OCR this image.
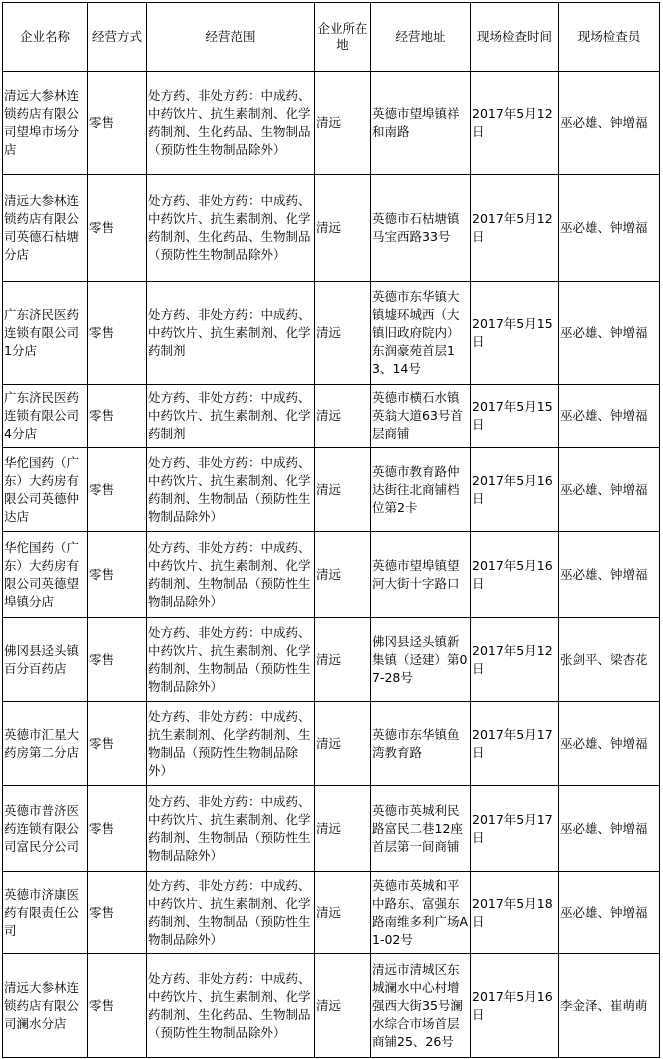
企业名称	经营方式	经营范围	企业所在地	经营地址	现场检查时间	现场检查员
清远大参林连锁药店有限公司望埠市场分店	零售	处方药、非处方药：中成药、中药饮片、抗生素制剂、化学药制剂、生化药品、生物制品（预防性生物制品除外）	清远	英德市望埠镇祥和南路	2017年5月12日	巫必雄、钟增福
清远大参林连锁药店有限公司英德石枯塘分店	零售	处方药、非处方药：中成药、中药饮片、抗生素制剂、化学药制剂、生化药品、生物制品（预防性生物制品除外）	清远	英德市石枯塘镇马宝西路33号	2017年5月12日	巫必雄、钟增福
广东济民医药连锁有限公司1分店	零售	处方药、非处方药：中成药、中药饮片、抗生素制剂、化学药制剂	清远	英德市东华镇大镇墟环城西（大镇旧政府院内）东润豪苑首层13、14号	2017年5月15日	巫必雄、钟增福
广东济民医药连锁有限公司4分店	零售	处方药、非处方药：中成药、中药饮片、抗生素制剂、化学药制剂	清远	英德市横石水镇英翁大道63号首层商铺	2017年5月15日	巫必雄、钟增福
华佗国药（广东）大药房有限公司英德仲达店	零售	处方药、非处方药：中成药、中药饮片、抗生素制剂、化学药制剂、生物制品（预防性生物制品除外）	清远	英德市教育路仲达街往北商铺档位第2卡	2017年5月16日	巫必雄、钟增福
华佗国药（广东）大药房有限公司英德望埠镇分店	零售	处方药、非处方药：中成药、中药饮片、抗生素制剂、化学药制剂、生物制品（预防性生物制品除外）	清远	英德市望埠镇望河大街十字路口	2017年5月16日	巫必雄、钟增福
佛冈县迳头镇百分百药店	零售	处方药、非处方药：中成药、中药饮片、抗生素制剂、化学药制剂、生物制品（预防性生物制品除外）	清远	佛冈县迳头镇新集镇（迳建）第07-28号	2017年5月12日	张剑平、梁杏花
英德市汇星大药房第二分店	零售	处方药、非处方药：中成药、抗生素制剂、化学药制剂、生物制品（预防性生物制品除外）	清远	英德市东华镇鱼湾教育路	2017年5月17日	巫必雄、钟增福
英德市普济医药连锁有限公司富民分公司	零售	处方药、非处方药：中成药、中药饮片、抗生素制剂、化学药制剂、生物制品（预防性生物制品除外）	清远	英德市英城利民路富民二巷12座首层第一间商铺	2017年5月17日	巫必雄、钟增福
英德市济康医药有限责任公司	零售	处方药、非处方药：中成药、中药饮片、抗生素制剂、化学药制剂、生物制品（预防性生物制品除外）	清远	英德市英城和平中路东、富强东路南维多利广场A1-02号	2017年5月18日	巫必雄、钟增福
清远大参林连锁药店有限公司澜水分店	零售	处方药、非处方药：中成药、中药饮片、抗生素制剂、化学药制剂、生化药品、生物制品（预防性生物制品除外）	清远	清远市清城区东城澜水中心村增强西大街35号澜水综合市场首层商铺25、26号	2017年5月16日	李金泽、崔萌萌
